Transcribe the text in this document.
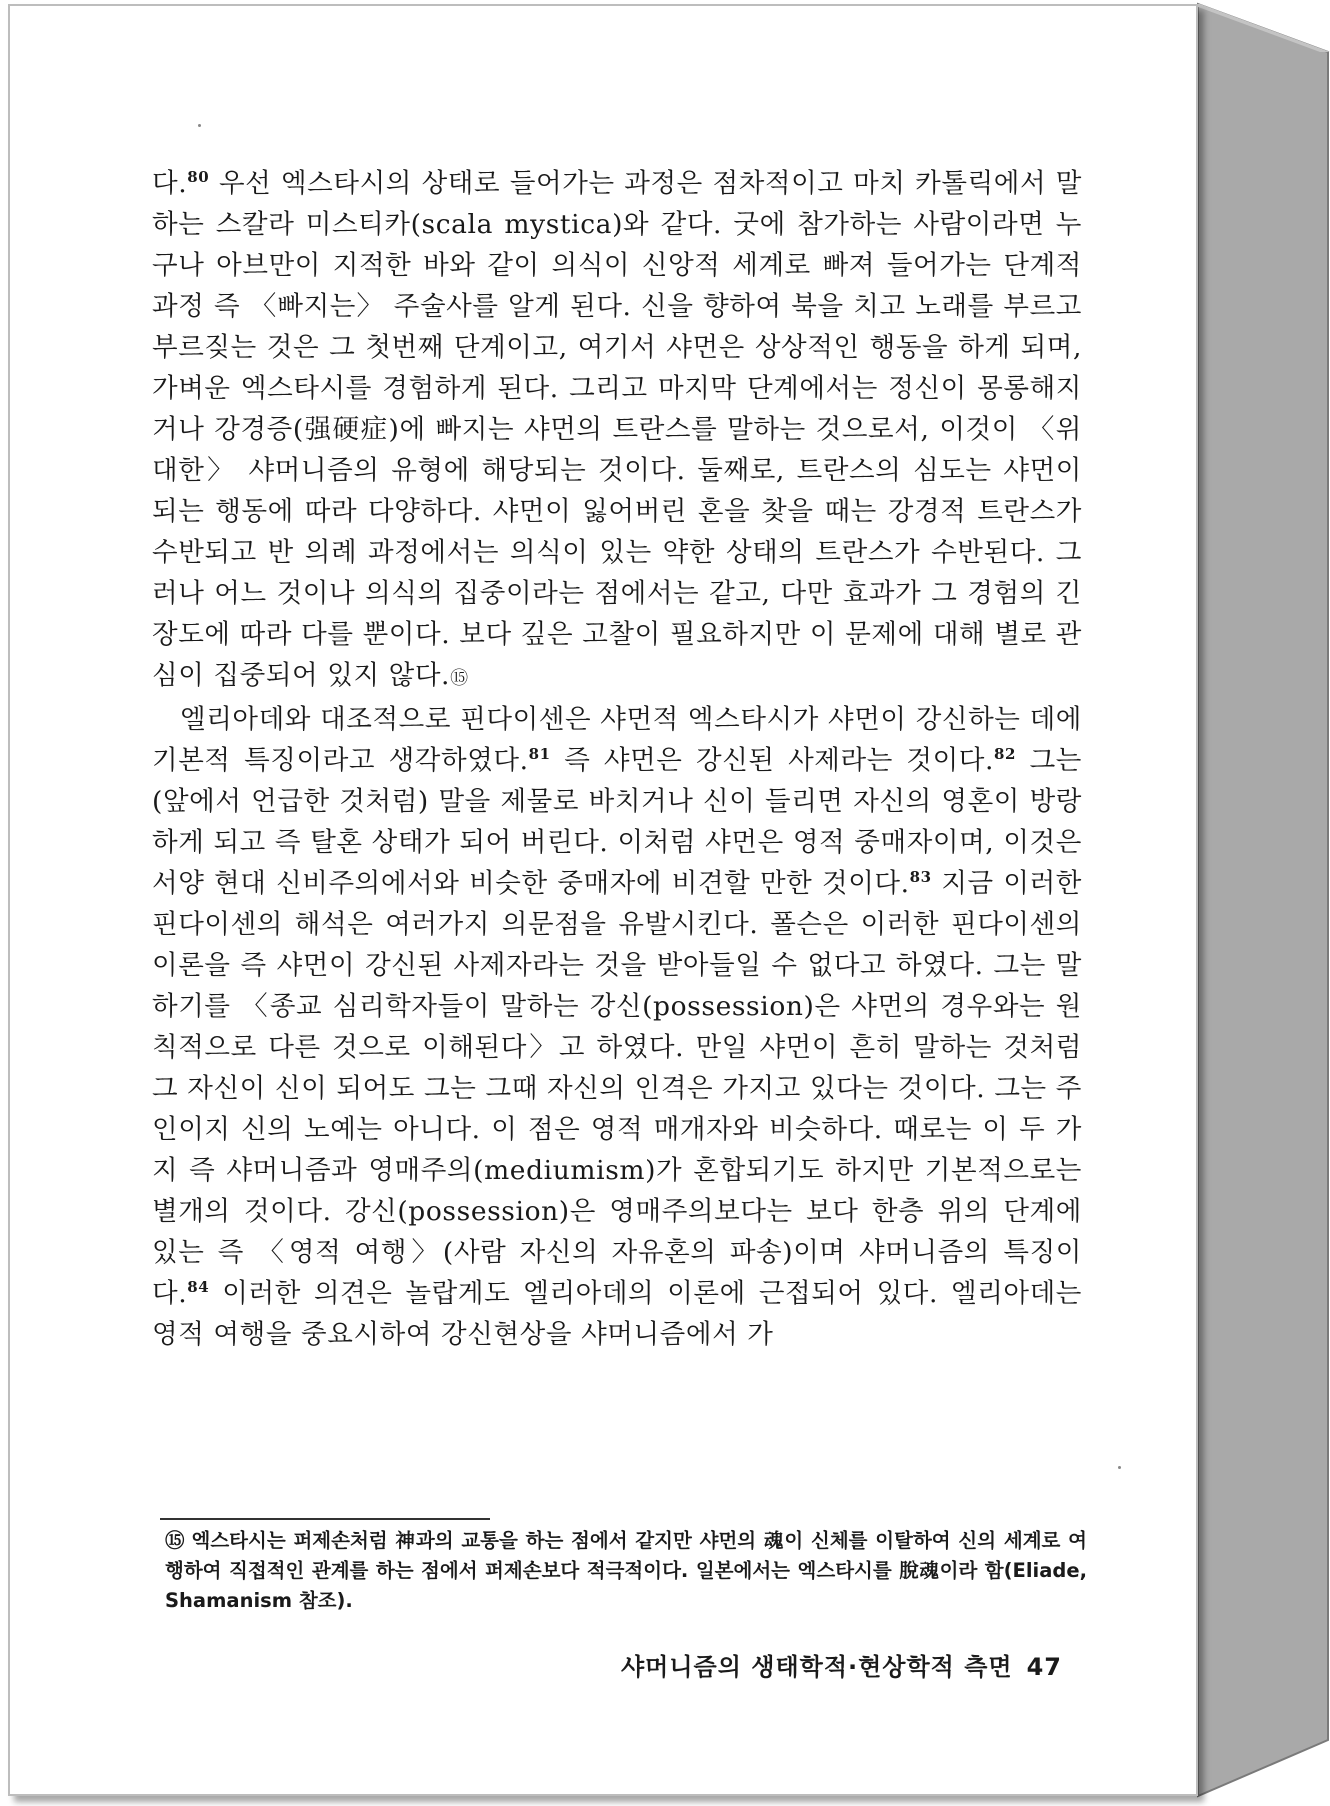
다.$^{80}$ 우선 엑스타시의 상태로 들어가는 과정은 점차적이고 마치 카톨릭에서 말하는 스칼라 미스티카(scala mystica)와 같다. 굿에 참가하는 사람이라면 누구나 아브만이 지적한 바와 같이 의식이 신앙적 세계로 빠져 들어가는 단계적 과정 즉 〈빠지는〉 주술사를 알게 된다. 신을 향하여 북을 치고 노래를 부르고 부르짖는 것은 그 첫번째 단계이고, 여기서 샤먼은 상상적인 행동을 하게 되며, 가벼운 엑스타시를 경험하게 된다. 그리고 마지막 단계에서는 정신이 몽롱해지거나 강경증(强硬症)에 빠지는 샤먼의 트란스를 말하는 것으로서, 이것이 〈위대한〉 샤머니즘의 유형에 해당되는 것이다. 둘째로, 트란스의 심도는 샤먼이 되는 행동에 따라 다양하다. 샤먼이 잃어버린 혼을 찾을 때는 강경적 트란스가 수반되고 반 의례 과정에서는 의식이 있는 약한 상태의 트란스가 수반된다. 그러나 어느 것이나 의식의 집중이라는 점에서는 같고, 다만 효과가 그 경험의 긴장도에 따라 다를 뿐이다. 보다 깊은 고찰이 필요하지만 이 문제에 대해 별로 관심이 집중되어 있지 않다.⑮

엘리아데와 대조적으로 핀다이센은 샤먼적 엑스타시가 샤먼이 강신하는 데에 기본적 특징이라고 생각하였다.$^{81}$ 즉 샤먼은 강신된 사제라는 것이다.$^{82}$ 그는(앞에서 언급한 것처럼) 말을 제물로 바치거나 신이 들리면 자신의 영혼이 방랑하게 되고 즉 탈혼 상태가 되어 버린다. 이처럼 샤먼은 영적 중매자이며, 이것은 서양 현대 신비주의에서와 비슷한 중매자에 비견할 만한 것이다.$^{83}$ 지금 이러한 핀다이센의 해석은 여러가지 의문점을 유발시킨다. 폴슨은 이러한 핀다이센의 이론을 즉 샤먼이 강신된 사제자라는 것을 받아들일 수 없다고 하였다. 그는 말하기를 〈종교 심리학자들이 말하는 강신(possession)은 샤먼의 경우와는 원칙적으로 다른 것으로 이해된다〉고 하였다. 만일 샤먼이 흔히 말하는 것처럼 그 자신이 신이 되어도 그는 그때 자신의 인격은 가지고 있다는 것이다. 그는 주인이지 신의 노예는 아니다. 이 점은 영적 매개자와 비슷하다. 때로는 이 두 가지 즉 샤머니즘과 영매주의(mediumism)가 혼합되기도 하지만 기본적으로는 별개의 것이다. 강신(possession)은 영매주의보다는 보다 한층 위의 단계에 있는 즉 〈영적 여행〉(사람 자신의 자유혼의 파송)이며 샤머니즘의 특징이다.$^{84}$ 이러한 의견은 놀랍게도 엘리아데의 이론에 근접되어 있다. 엘리아데는 영적 여행을 중요시하여 강신현상을 샤머니즘에서 가

⑮ 엑스타시는 퍼제손처럼 神과의 교통을 하는 점에서 같지만 샤먼의 魂이 신체를 이탈하여 신의 세계로 여행하여 직접적인 관계를 하는 점에서 퍼제손보다 적극적이다. 일본에서는 엑스타시를 脫魂이라 함(Eliade, Shamanism 참조).
샤머니즘의 생태학적·현상학적 측면 47
